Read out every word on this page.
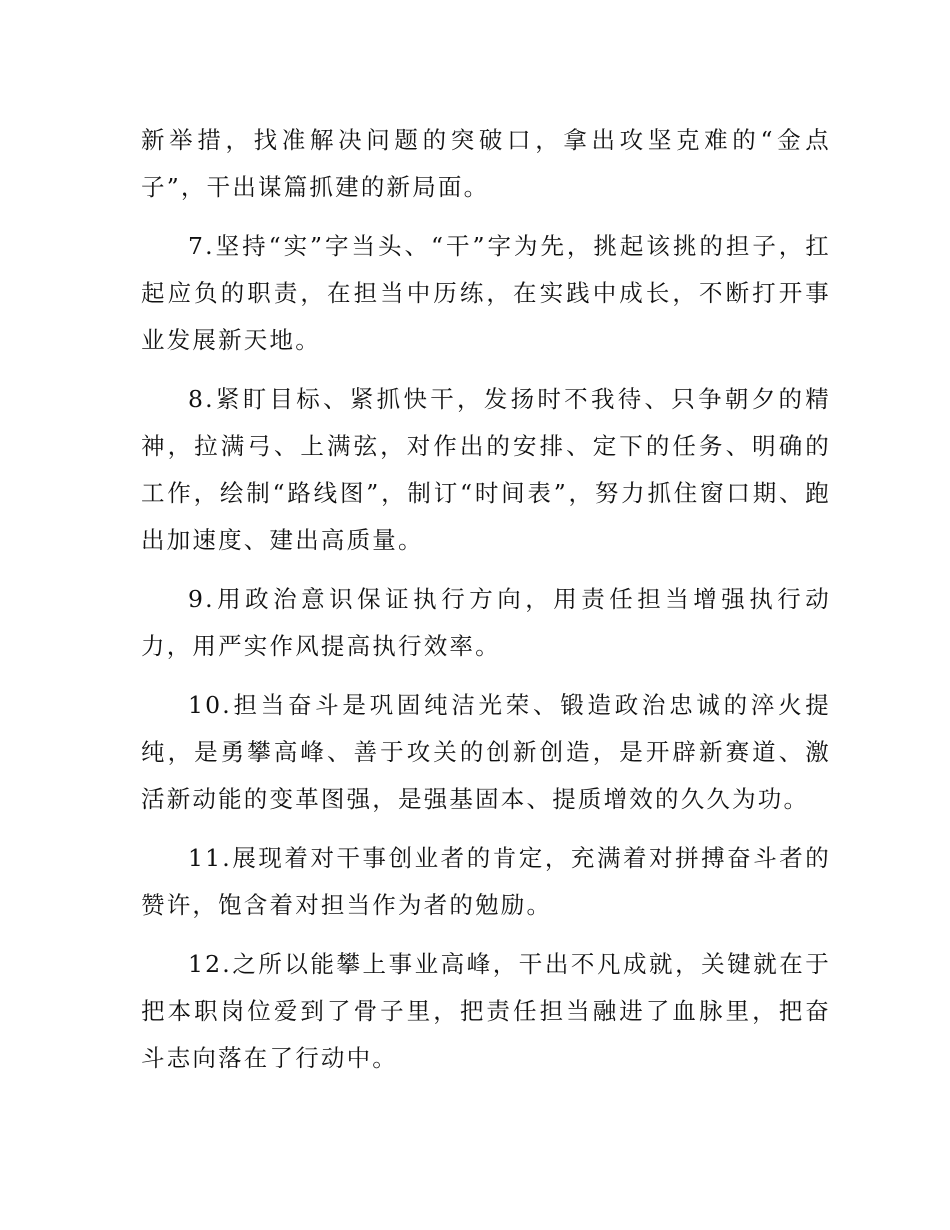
新举措，找准解决问题的突破口，拿出攻坚克难的“金点子”，干出谋篇抓建的新局面。

7.坚持“实”字当头、“干”字为先，挑起该挑的担子，扛起应负的职责，在担当中历练，在实践中成长，不断打开事业发展新天地。

8.紧盯目标、紧抓快干，发扬时不我待、只争朝夕的精神，拉满弓、上满弦，对作出的安排、定下的任务、明确的工作，绘制“路线图”，制订“时间表”，努力抓住窗口期、跑出加速度、建出高质量。

9.用政治意识保证执行方向，用责任担当增强执行动力，用严实作风提高执行效率。

10.担当奋斗是巩固纯洁光荣、锻造政治忠诚的淬火提纯，是勇攀高峰、善于攻关的创新创造，是开辟新赛道、激活新动能的变革图强，是强基固本、提质增效的久久为功。

11.展现着对干事创业者的肯定，充满着对拼搏奋斗者的赞许，饱含着对担当作为者的勉励。

12.之所以能攀上事业高峰，干出不凡成就，关键就在于把本职岗位爱到了骨子里，把责任担当融进了血脉里，把奋斗志向落在了行动中。
